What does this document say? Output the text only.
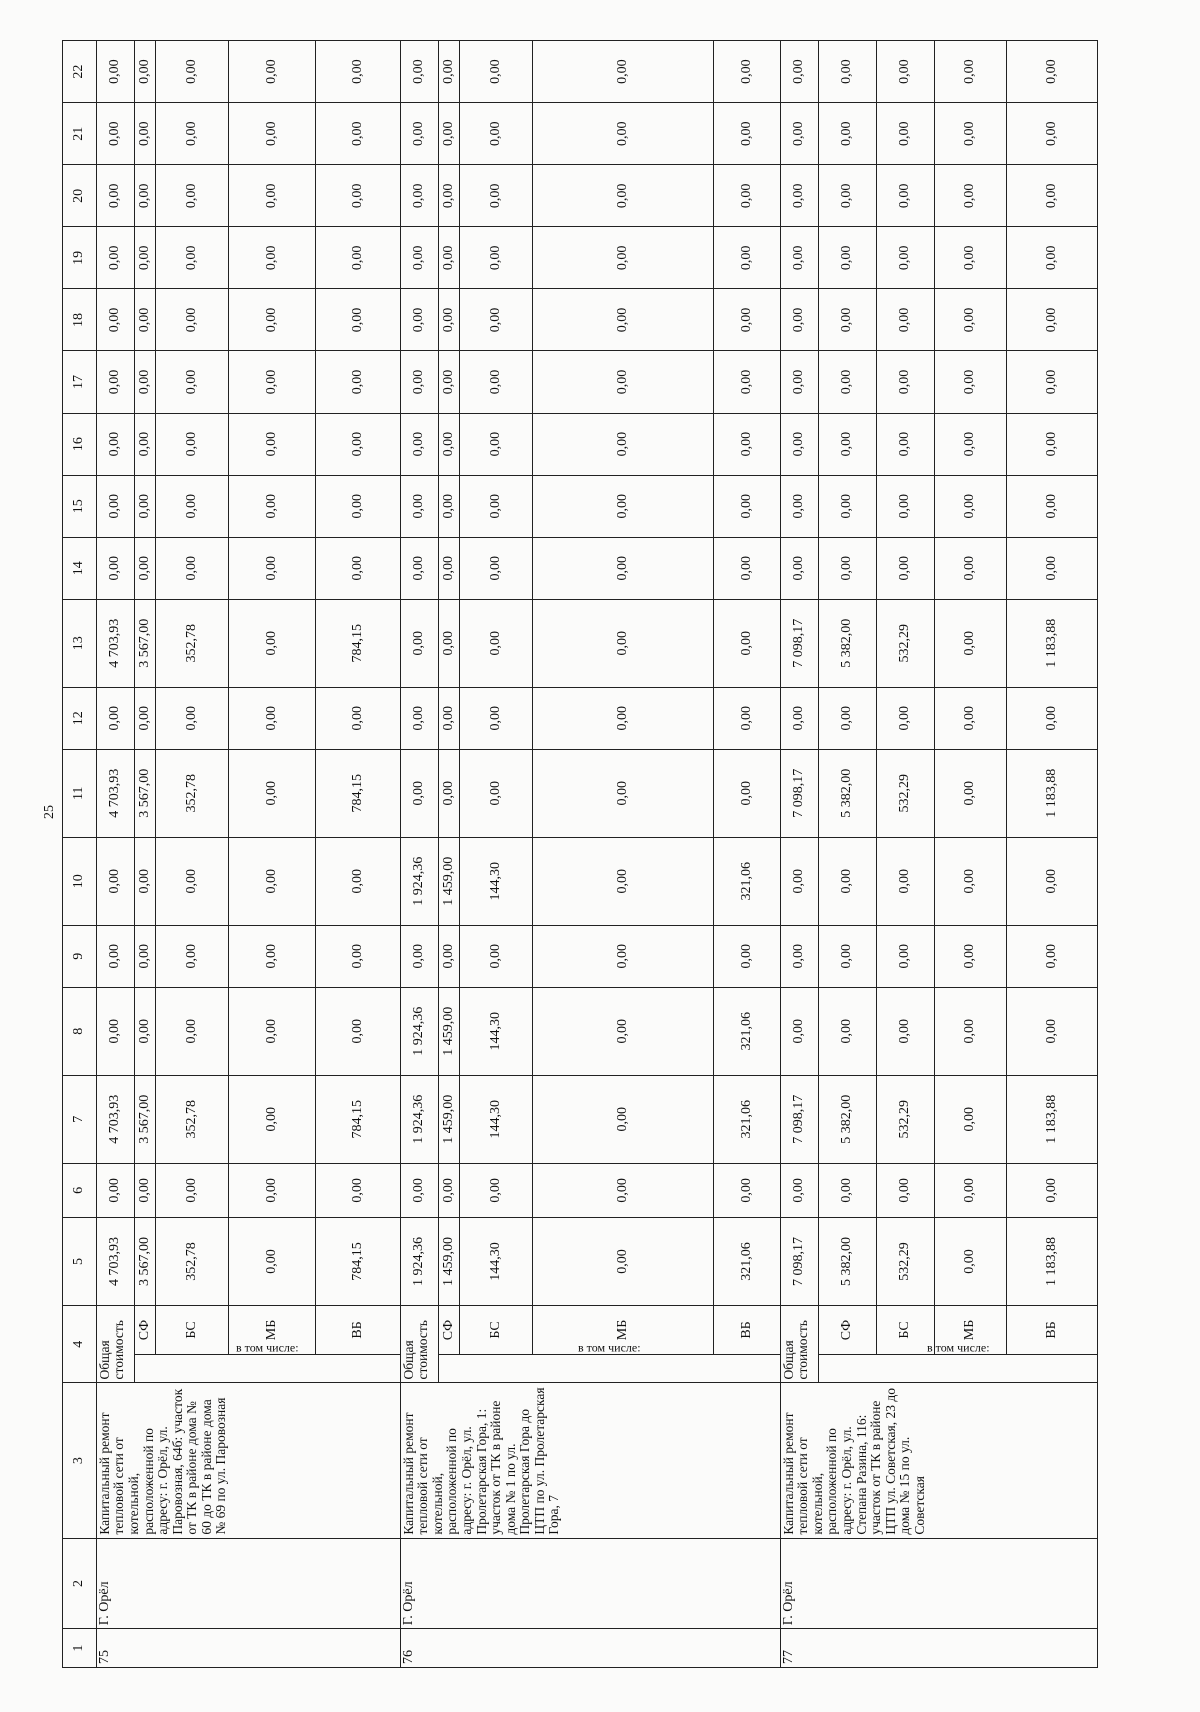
25
1	2	3	4		5	6	7	8	9	10	11	12	13	14	15	16	17	18	19	20	21	22
75	Г. Орёл	Капитальный ремонт тепловой сети от котельной, расположенной по адресу: г. Орёл, ул. Паровозная, 64б: участок от ТК в районе дома № 60 до ТК в районе дома № 69 по ул. Паровозная	Общая стоимость		4 703,93	0,00	4 703,93	0,00	0,00	0,00	4 703,93	0,00	4 703,93	0,00	0,00	0,00	0,00	0,00	0,00	0,00	0,00	0,00
			в том числе:	СФ	3 567,00	0,00	3 567,00	0,00	0,00	0,00	3 567,00	0,00	3 567,00	0,00	0,00	0,00	0,00	0,00	0,00	0,00	0,00	0,00
				БС	352,78	0,00	352,78	0,00	0,00	0,00	352,78	0,00	352,78	0,00	0,00	0,00	0,00	0,00	0,00	0,00	0,00	0,00
				МБ	0,00	0,00	0,00	0,00	0,00	0,00	0,00	0,00	0,00	0,00	0,00	0,00	0,00	0,00	0,00	0,00	0,00	0,00
				ВБ	784,15	0,00	784,15	0,00	0,00	0,00	784,15	0,00	784,15	0,00	0,00	0,00	0,00	0,00	0,00	0,00	0,00	0,00
76	Г. Орёл	Капитальный ремонт тепловой сети от котельной, расположенной по адресу: г. Орёл, ул. Пролетарская Гора, 1: участок от ТК в районе дома № 1 по ул. Пролетарская Гора до ЦТП по ул. Пролетарская Гора, 7	Общая стоимость		1 924,36	0,00	1 924,36	1 924,36	0,00	1 924,36	0,00	0,00	0,00	0,00	0,00	0,00	0,00	0,00	0,00	0,00	0,00	0,00
			в том числе:	СФ	1 459,00	0,00	1 459,00	1 459,00	0,00	1 459,00	0,00	0,00	0,00	0,00	0,00	0,00	0,00	0,00	0,00	0,00	0,00	0,00
				БС	144,30	0,00	144,30	144,30	0,00	144,30	0,00	0,00	0,00	0,00	0,00	0,00	0,00	0,00	0,00	0,00	0,00	0,00
				МБ	0,00	0,00	0,00	0,00	0,00	0,00	0,00	0,00	0,00	0,00	0,00	0,00	0,00	0,00	0,00	0,00	0,00	0,00
				ВБ	321,06	0,00	321,06	321,06	0,00	321,06	0,00	0,00	0,00	0,00	0,00	0,00	0,00	0,00	0,00	0,00	0,00	0,00
77	Г. Орёл	Капитальный ремонт тепловой сети от котельной, расположенной по адресу: г. Орёл, ул. Степана Разина, 116: участок от ТК в районе ЦТП ул. Советская, 23 до дома № 15 по ул. Советская	Общая стоимость		7 098,17	0,00	7 098,17	0,00	0,00	0,00	7 098,17	0,00	7 098,17	0,00	0,00	0,00	0,00	0,00	0,00	0,00	0,00	0,00
			в том числе:	СФ	5 382,00	0,00	5 382,00	0,00	0,00	0,00	5 382,00	0,00	5 382,00	0,00	0,00	0,00	0,00	0,00	0,00	0,00	0,00	0,00
				БС	532,29	0,00	532,29	0,00	0,00	0,00	532,29	0,00	532,29	0,00	0,00	0,00	0,00	0,00	0,00	0,00	0,00	0,00
				МБ	0,00	0,00	0,00	0,00	0,00	0,00	0,00	0,00	0,00	0,00	0,00	0,00	0,00	0,00	0,00	0,00	0,00	0,00
				ВБ	1 183,88	0,00	1 183,88	0,00	0,00	0,00	1 183,88	0,00	1 183,88	0,00	0,00	0,00	0,00	0,00	0,00	0,00	0,00	0,00
